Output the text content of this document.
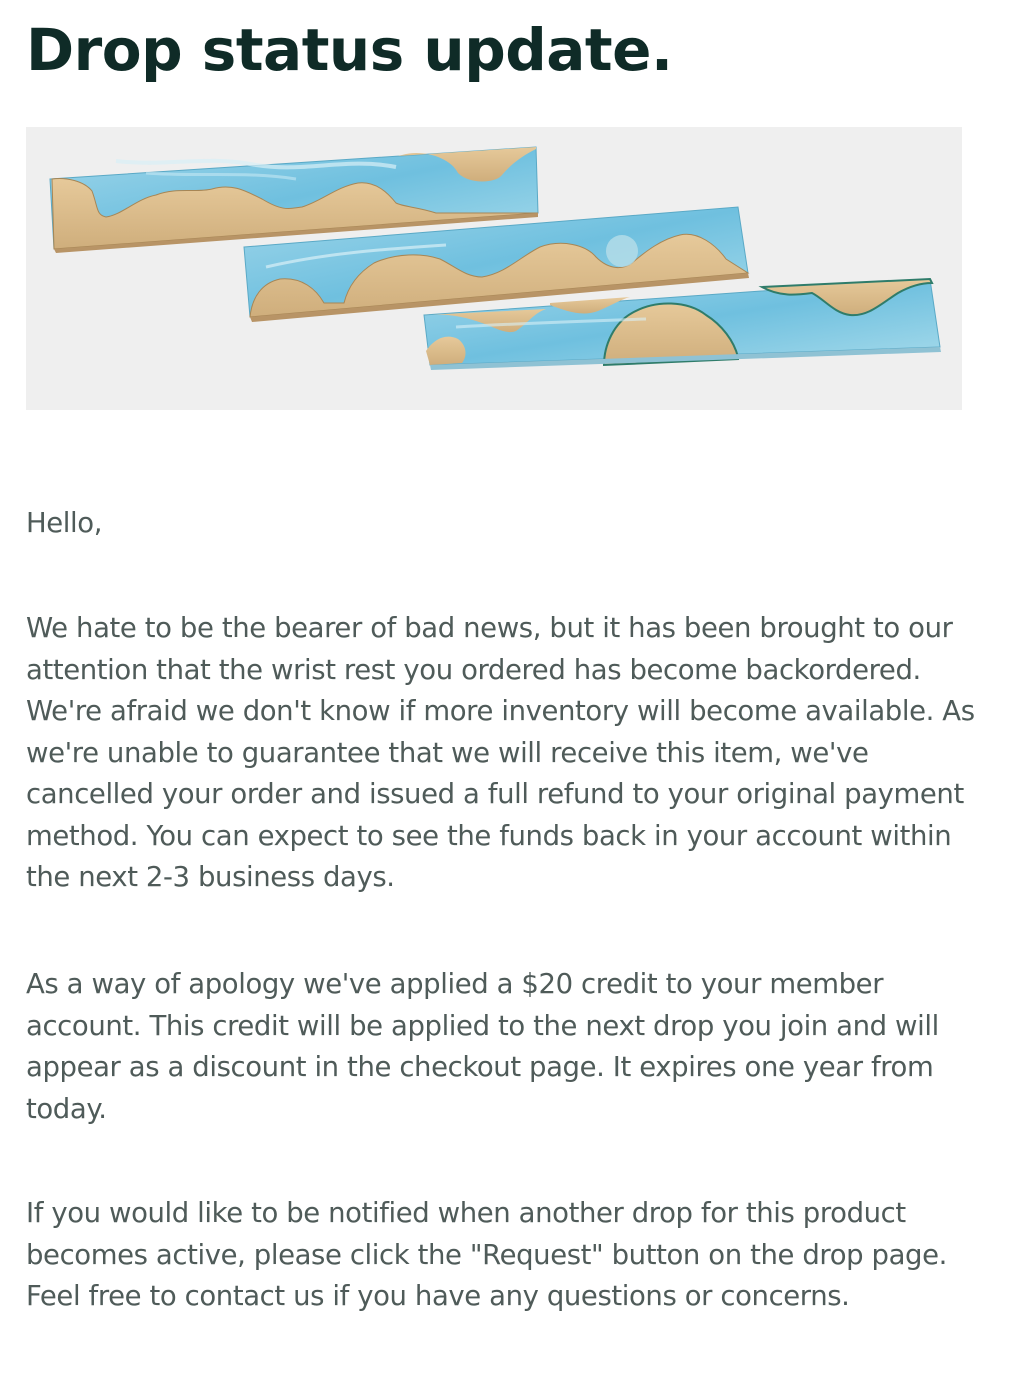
Drop status update.

Hello,

We hate to be the bearer of bad news, but it has been brought to our attention that the wrist rest you ordered has become backordered. We're afraid we don't know if more inventory will become available. As we're unable to guarantee that we will receive this item, we've cancelled your order and issued a full refund to your original payment method. You can expect to see the funds back in your account within the next 2-3 business days.

As a way of apology we've applied a $20 credit to your member account. This credit will be applied to the next drop you join and will appear as a discount in the checkout page. It expires one year from today.

If you would like to be notified when another drop for this product becomes active, please click the "Request" button on the drop page. Feel free to contact us if you have any questions or concerns.
